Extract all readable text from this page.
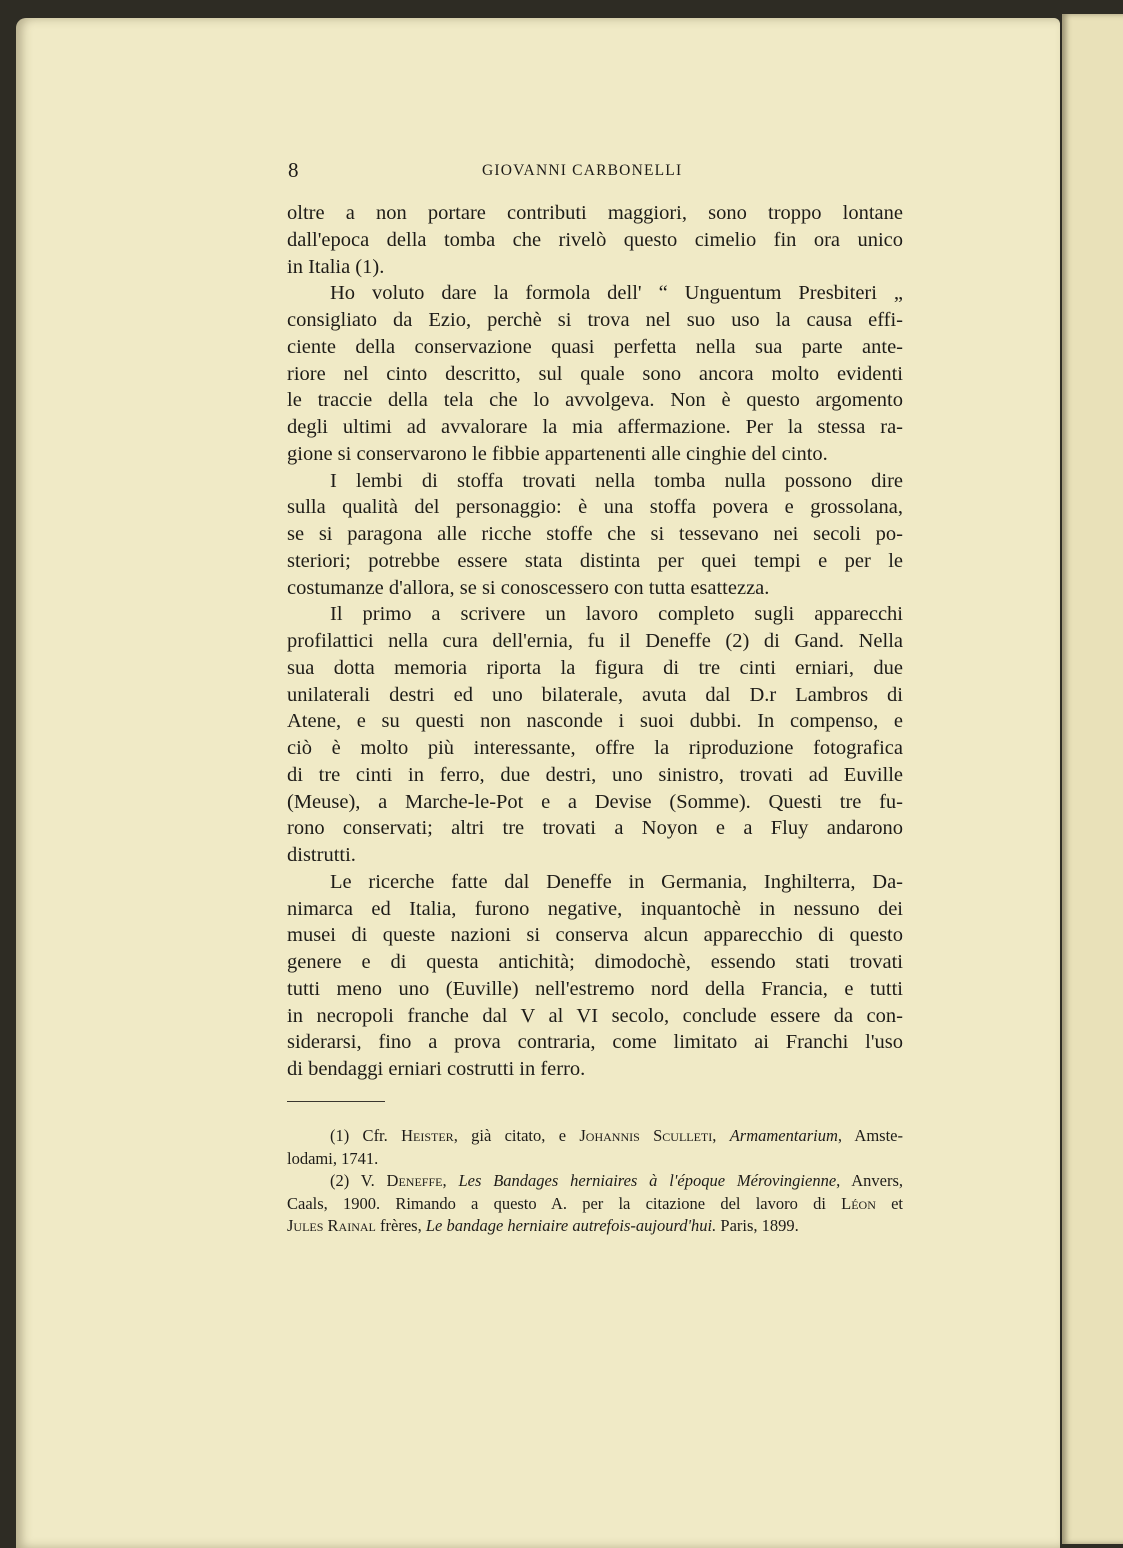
8	GIOVANNI CARBONELLI
oltre a non portare contributi maggiori, sono troppo lontane
dall'epoca della tomba che rivelò questo cimelio fin ora unico
in Italia (1).
Ho voluto dare la formola dell' “ Unguentum Presbiteri „
consigliato da Ezio, perchè si trova nel suo uso la causa effi-
ciente della conservazione quasi perfetta nella sua parte ante-
riore nel cinto descritto, sul quale sono ancora molto evidenti
le traccie della tela che lo avvolgeva. Non è questo argomento
degli ultimi ad avvalorare la mia affermazione. Per la stessa ra-
gione si conservarono le fibbie appartenenti alle cinghie del cinto.
I lembi di stoffa trovati nella tomba nulla possono dire
sulla qualità del personaggio: è una stoffa povera e grossolana,
se si paragona alle ricche stoffe che si tessevano nei secoli po-
steriori; potrebbe essere stata distinta per quei tempi e per le
costumanze d'allora, se si conoscessero con tutta esattezza.
Il primo a scrivere un lavoro completo sugli apparecchi
profilattici nella cura dell'ernia, fu il Deneffe (2) di Gand. Nella
sua dotta memoria riporta la figura di tre cinti erniari, due
unilaterali destri ed uno bilaterale, avuta dal D.r Lambros di
Atene, e su questi non nasconde i suoi dubbi. In compenso, e
ciò è molto più interessante, offre la riproduzione fotografica
di tre cinti in ferro, due destri, uno sinistro, trovati ad Euville
(Meuse), a Marche-le-Pot e a Devise (Somme). Questi tre fu-
rono conservati; altri tre trovati a Noyon e a Fluy andarono
distrutti.
Le ricerche fatte dal Deneffe in Germania, Inghilterra, Da-
nimarca ed Italia, furono negative, inquantochè in nessuno dei
musei di queste nazioni si conserva alcun apparecchio di questo
genere e di questa antichità; dimodochè, essendo stati trovati
tutti meno uno (Euville) nell'estremo nord della Francia, e tutti
in necropoli franche dal V al VI secolo, conclude essere da con-
siderarsi, fino a prova contraria, come limitato ai Franchi l'uso
di bendaggi erniari costrutti in ferro.
(1) Cfr. Heister, già citato, e Johannis Sculleti, Armamentarium, Amste-
lodami, 1741.
(2) V. Deneffe, Les Bandages herniaires à l'époque Mérovingienne, Anvers,
Caals, 1900. Rimando a questo A. per la citazione del lavoro di Léon et
Jules Rainal frères, Le bandage herniaire autrefois-aujourd'hui. Paris, 1899.
